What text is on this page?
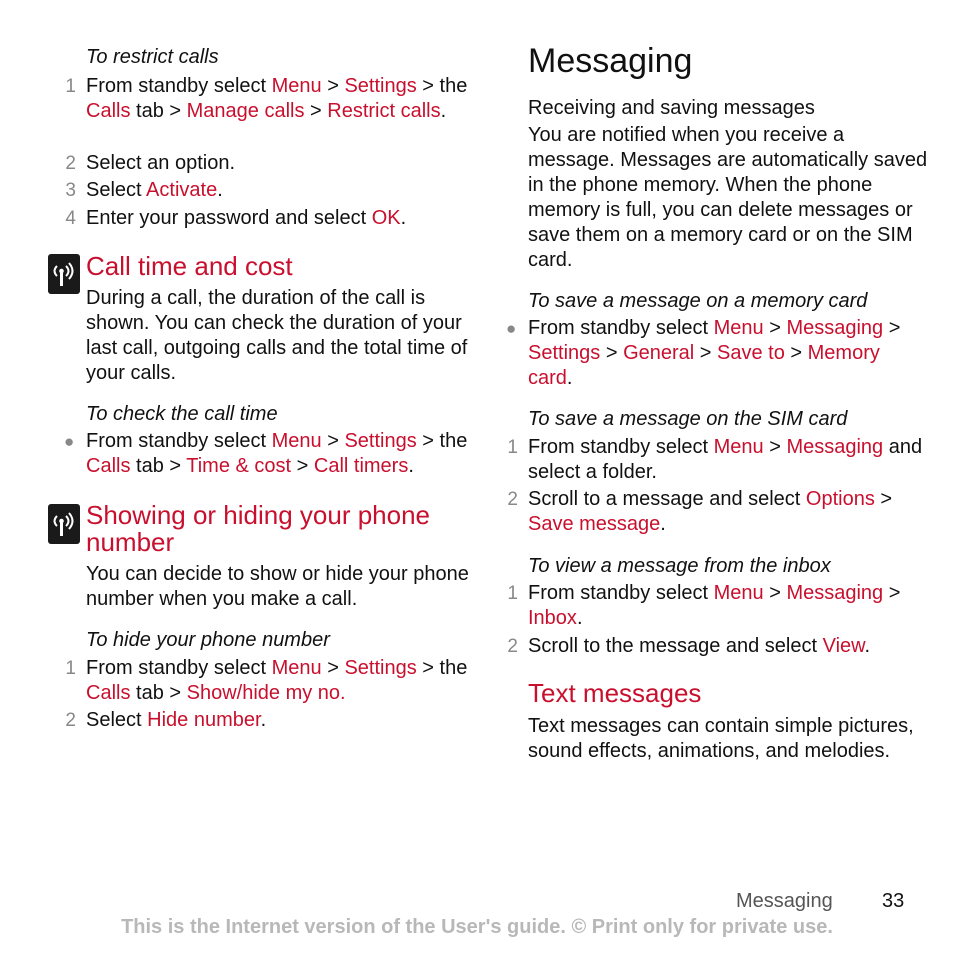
To restrict calls
1 From standby select Menu > Settings > the Calls tab > Manage calls > Restrict calls.
2 Select an option.
3 Select Activate.
4 Enter your password and select OK.
Call time and cost
During a call, the duration of the call is shown. You can check the duration of your last call, outgoing calls and the total time of your calls.
To check the call time
● From standby select Menu > Settings > the Calls tab > Time & cost > Call timers.
Showing or hiding your phone number
You can decide to show or hide your phone number when you make a call.
To hide your phone number
1 From standby select Menu > Settings > the Calls tab > Show/hide my no.
2 Select Hide number.
Messaging
Receiving and saving messages
You are notified when you receive a message. Messages are automatically saved in the phone memory. When the phone memory is full, you can delete messages or save them on a memory card or on the SIM card.
To save a message on a memory card
● From standby select Menu > Messaging > Settings > General > Save to > Memory card.
To save a message on the SIM card
1 From standby select Menu > Messaging and select a folder.
2 Scroll to a message and select Options > Save message.
To view a message from the inbox
1 From standby select Menu > Messaging > Inbox.
2 Scroll to the message and select View.
Text messages
Text messages can contain simple pictures, sound effects, animations, and melodies.
Messaging 33
This is the Internet version of the User's guide. © Print only for private use.
